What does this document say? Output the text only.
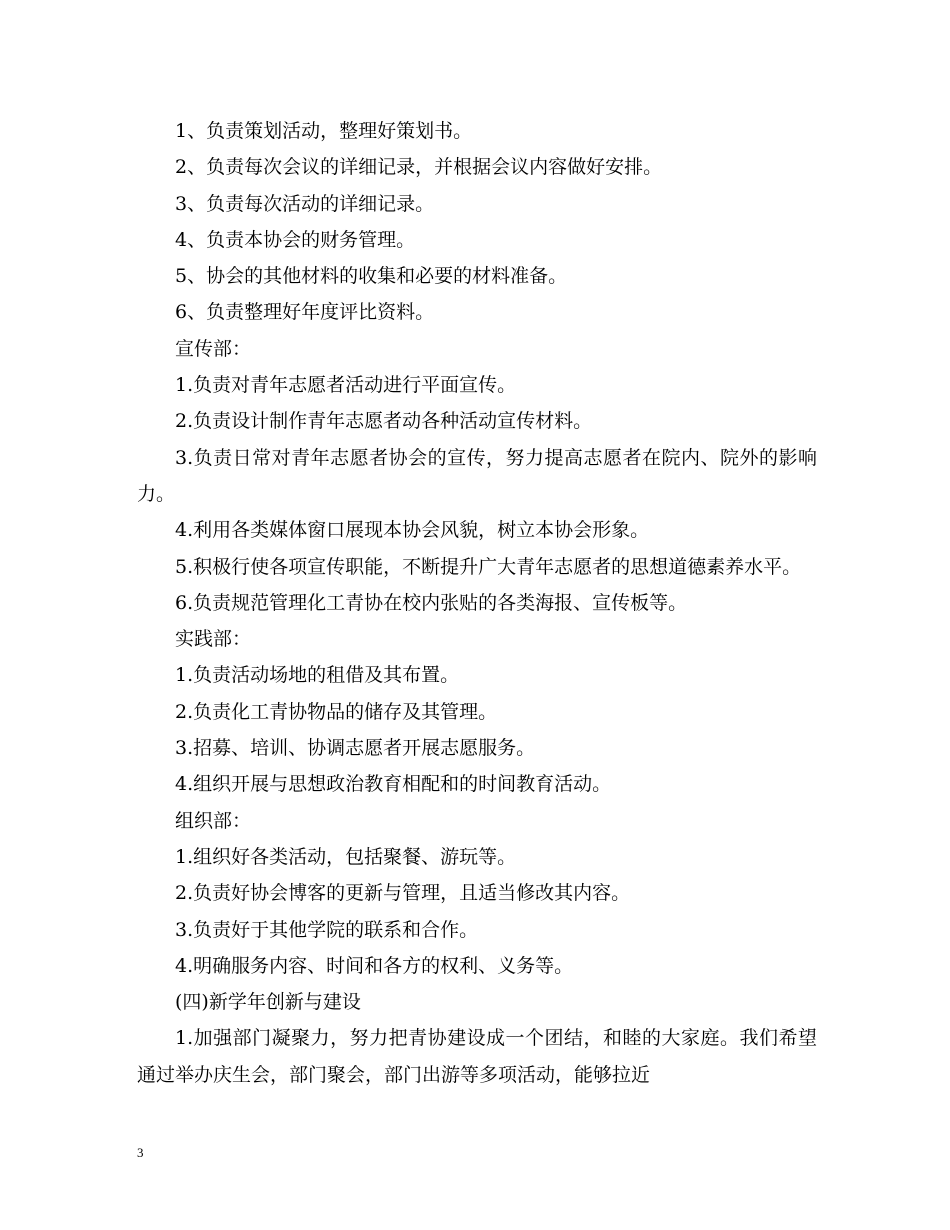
1、负责策划活动，整理好策划书。

2、负责每次会议的详细记录，并根据会议内容做好安排。

3、负责每次活动的详细记录。

4、负责本协会的财务管理。

5、协会的其他材料的收集和必要的材料准备。

6、负责整理好年度评比资料。

宣传部：

1.负责对青年志愿者活动进行平面宣传。

2.负责设计制作青年志愿者动各种活动宣传材料。

3.负责日常对青年志愿者协会的宣传，努力提高志愿者在院内、院外的影响力。

4.利用各类媒体窗口展现本协会风貌，树立本协会形象。

5.积极行使各项宣传职能，不断提升广大青年志愿者的思想道德素养水平。

6.负责规范管理化工青协在校内张贴的各类海报、宣传板等。

实践部：

1.负责活动场地的租借及其布置。

2.负责化工青协物品的储存及其管理。

3.招募、培训、协调志愿者开展志愿服务。

4.组织开展与思想政治教育相配和的时间教育活动。

组织部：

1.组织好各类活动，包括聚餐、游玩等。

2.负责好协会博客的更新与管理，且适当修改其内容。

3.负责好于其他学院的联系和合作。

4.明确服务内容、时间和各方的权利、义务等。

(四)新学年创新与建设

1.加强部门凝聚力，努力把青协建设成一个团结，和睦的大家庭。我们希望通过举办庆生会，部门聚会，部门出游等多项活动，能够拉近

3
